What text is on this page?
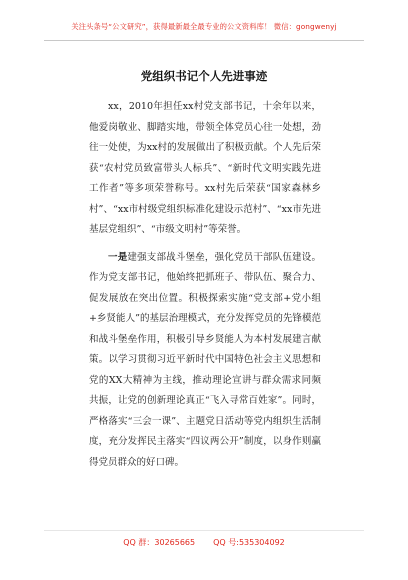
关注头条号“公文研究”，获得最新最全最专业的公文资料库！ 微信：gongwenyj
党组织书记个人先进事迹

xx，2010年担任xx村党支部书记，十余年以来，他爱岗敬业、脚踏实地，带领全体党员心往一处想，劲往一处使，为xx村的发展做出了积极贡献。个人先后荣获“农村党员致富带头人标兵”、“新时代文明实践先进工作者”等多项荣誉称号。xx村先后荣获“国家森林乡村”、“xx市村级党组织标准化建设示范村”、“xx市先进基层党组织”、“市级文明村”等荣誉。

一是建强支部战斗堡垒，强化党员干部队伍建设。作为党支部书记，他始终把抓班子、带队伍、聚合力、促发展放在突出位置。积极探索实施“党支部+党小组+乡贤能人”的基层治理模式，充分发挥党员的先锋模范和战斗堡垒作用，积极引导乡贤能人为本村发展建言献策。以学习贯彻习近平新时代中国特色社会主义思想和党的XX大精神为主线，推动理论宣讲与群众需求同频共振，让党的创新理论真正“飞入寻常百姓家”。同时，严格落实“三会一课”、主题党日活动等党内组织生活制度，充分发挥民主落实“四议两公开”制度，以身作则赢得党员群众的好口碑。

QQ 群：30265665 QQ 号:535304092
